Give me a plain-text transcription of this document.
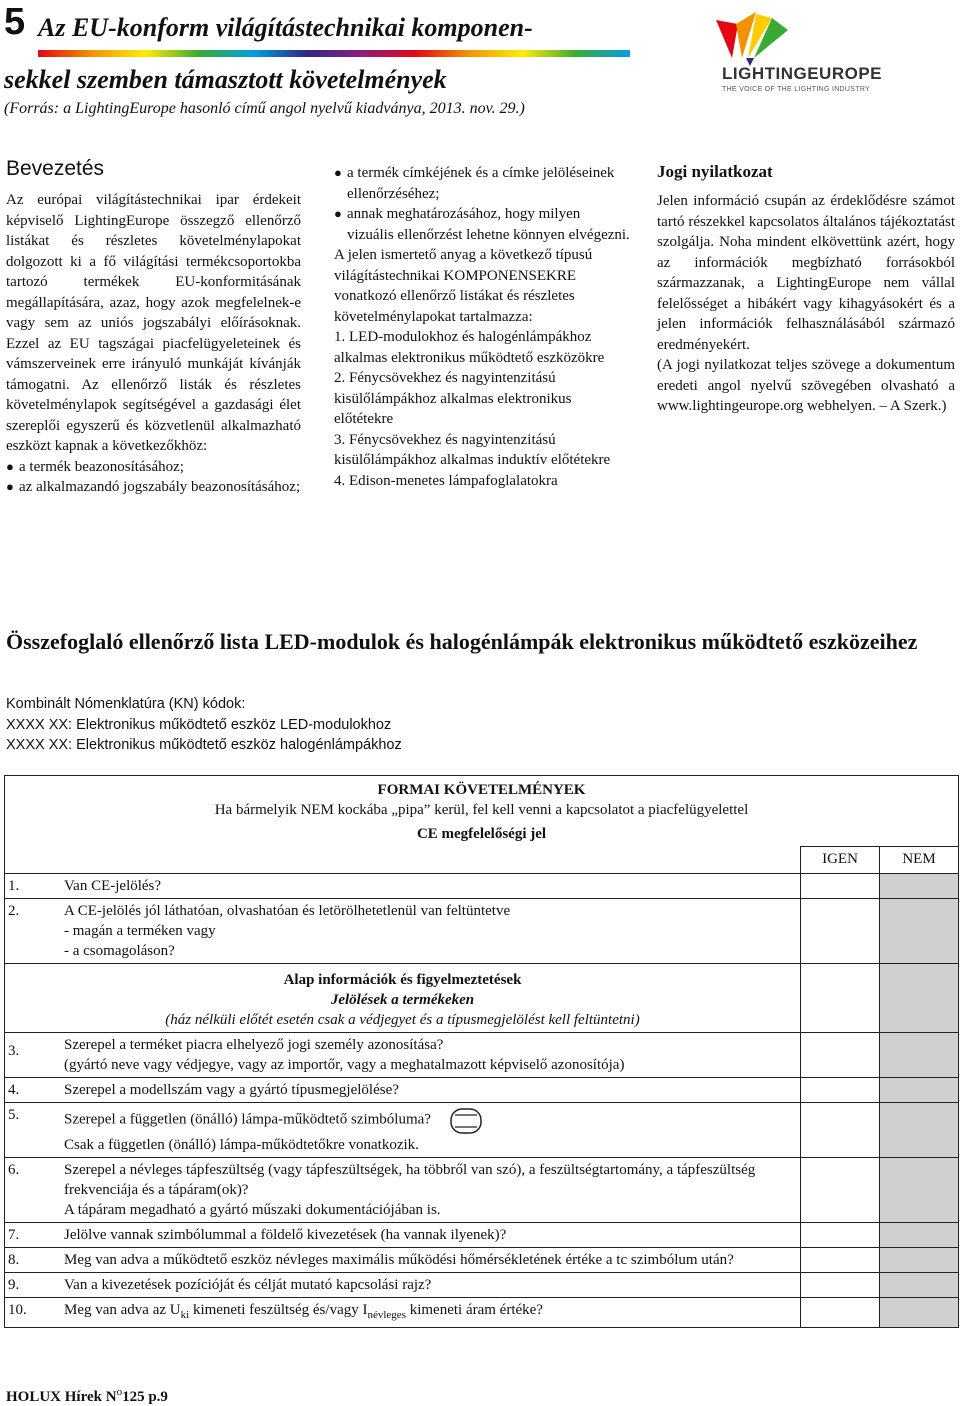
5 Az EU-konform világítástechnikai komponen-
sekkel szemben támasztott követelmények
(Forrás: a LightingEurope hasonló című angol nyelvű kiadványa, 2013. nov. 29.)
LIGHTINGEUROPE
THE VOICE OF THE LIGHTING INDUSTRY
Bevezetés

Az európai világítástechnikai ipar érdekeit képviselő LightingEurope összegző ellenőrző listákat és részletes követelménylapokat dolgozott ki a fő világítási termékcsoportokba tartozó termékek EU-konformitásának megállapítására, azaz, hogy azok megfelelnek-e vagy sem az uniós jogszabályi előírásoknak. Ezzel az EU tagszágai piacfelügyeleteinek és vámszerveinek erre irányuló munkáját kívánják támogatni. Az ellenőrző listák és részletes követelménylapok segítségével a gazdasági élet szereplői egyszerű és közvetlenül alkalmazható eszközt kapnak a következőkhöz:

● a termék beazonosításához;
● az alkalmazandó jogszabály beazonosításához;
● a termék címkéjének és a címke jelöléseinek ellenőrzéséhez;
● annak meghatározásához, hogy milyen vizuális ellenőrzést lehetne könnyen elvégezni.

A jelen ismertető anyag a következő típusú világítástechnikai KOMPONENSEKRE vonatkozó ellenőrző listákat és részletes követelménylapokat tartalmazza:

1. LED-modulokhoz és halogénlámpákhoz alkalmas elektronikus működtető eszközökre

2. Fénycsövekhez és nagyintenzitású kisülőlámpákhoz alkalmas elektronikus előtétekre

3. Fénycsövekhez és nagyintenzitású kisülőlámpákhoz alkalmas induktív előtétekre

4. Edison-menetes lámpafoglalatokra

Jogi nyilatkozat

Jelen információ csupán az érdeklődésre számot tartó részekkel kapcsolatos általános tájékoztatást szolgálja. Noha mindent elkövettünk azért, hogy az információk megbízható forrásokból származzanak, a LightingEurope nem vállal felelősséget a hibákért vagy kihagyásokért és a jelen információk felhasználásából származó eredményekért.

(A jogi nyilatkozat teljes szövege a dokumentum eredeti angol nyelvű szövegében olvasható a www.lightingeurope.org webhelyen. – A Szerk.)

Összefoglaló ellenőrző lista LED-modulok és halogénlámpák elektronikus működtető eszközeihez
Kombinált Nómenklatúra (KN) kódok:
XXXX XX: Elektronikus működtető eszköz LED-modulokhoz
XXXX XX: Elektronikus működtető eszköz halogénlámpákhoz
FORMAI KÖVETELMÉNYEK
Ha bármelyik NEM kockába „pipa” kerül, fel kell venni a kapcsolatot a piacfelügyelettel
CE megfelelőségi jel			

		IGEN	NEM
1.	Van CE-jelölés?		

2.	A CE-jelölés jól láthatóan, olvashatóan és letörölhetetlenül van feltüntetve
- magán a terméken vagy
- a csomagoláson?		

Alap információk és figyelmeztetések
Jelölések a termékeken
(ház nélküli előtét esetén csak a védjegyet és a típusmegjelölést kell feltüntetni)			

3.	Szerepel a terméket piacra elhelyező jogi személy azonosítása?
(gyártó neve vagy védjegye, vagy az importőr, vagy a meghatalmazott képviselő azonosítója)		

4.	Szerepel a modellszám vagy a gyártó típusmegjelölése?		

5.	Szerepel a független (önálló) lámpa-működtető szimbóluma?
Csak a független (önálló) lámpa-működtetőkre vonatkozik.		

6.	Szerepel a névleges tápfeszültség (vagy tápfeszültségek, ha többről van szó), a feszültségtartomány, a tápfeszültség frekvenciája és a tápáram(ok)?
A tápáram megadható a gyártó műszaki dokumentációjában is.		

7.	Jelölve vannak szimbólummal a földelő kivezetések (ha vannak ilyenek)?		

8.	Meg van adva a működtető eszköz névleges maximális működési hőmérsékletének értéke a tc szimbólum után?		

9.	Van a kivezetések pozícióját és célját mutató kapcsolási rajz?		

10.	Meg van adva az $U_{ki}$ kimeneti feszültség és/vagy $I_{névleges}$ kimeneti áram értéke?		
HOLUX Hírek $N^o125$ p.9
